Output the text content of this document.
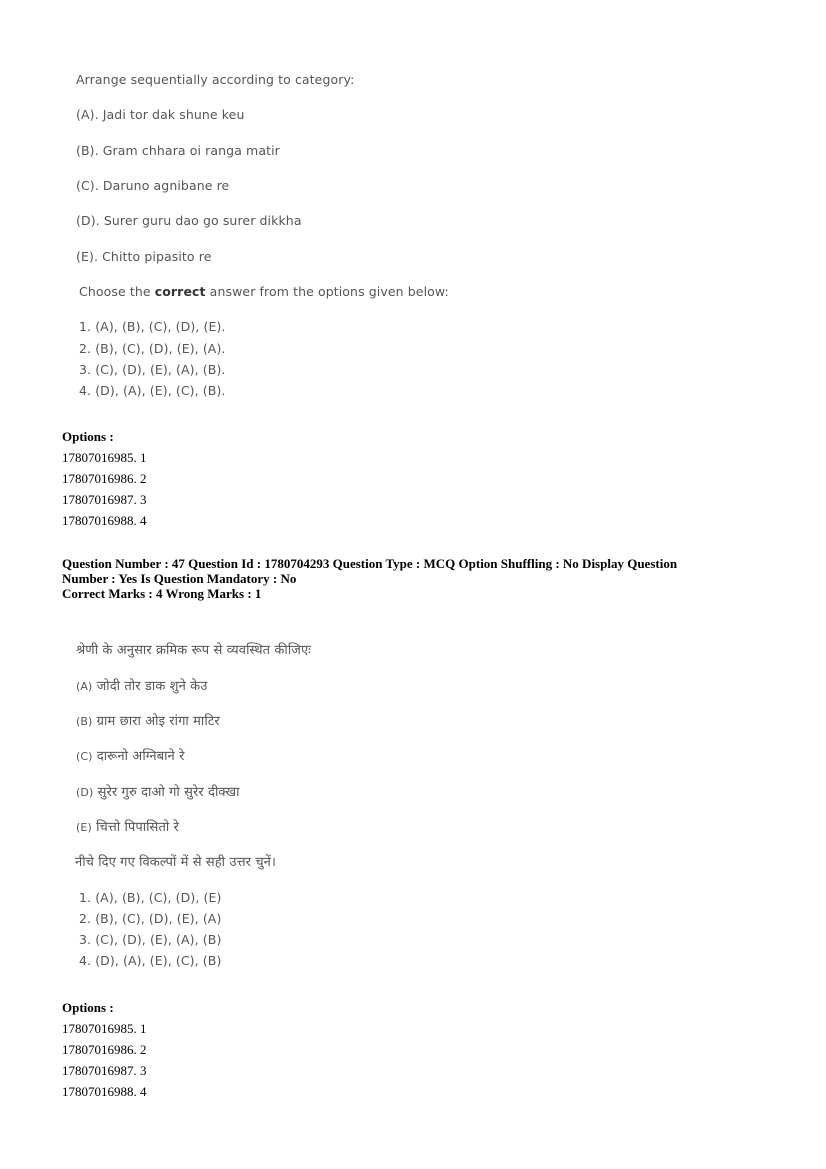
Arrange sequentially according to category:
(A). Jadi tor dak shune keu
(B). Gram chhara oi ranga matir
(C). Daruno agnibane re
(D). Surer guru dao go surer dikkha
(E). Chitto pipasito re
Choose the correct answer from the options given below:
1. (A), (B), (C), (D), (E).
2. (B), (C), (D), (E), (A).
3. (C), (D), (E), (A), (B).
4. (D), (A), (E), (C), (B).
Options :
17807016985. 1
17807016986. 2
17807016987. 3
17807016988. 4
Question Number : 47 Question Id : 1780704293 Question Type : MCQ Option Shuffling : No Display Question
Number : Yes Is Question Mandatory : No
Correct Marks : 4 Wrong Marks : 1
श्रेणी के अनुसार क्रमिक रूप से व्यवस्थित कीजिएः
(A) जोदी तोर डाक शुने केउ
(B) ग्राम छारा ओइ रांगा माटिर
(C) दारूनो अग्निबाने रे
(D) सुरेर गुरु दाओ गो सुरेर दीक्खा
(E) चित्तो पिपासितो रे
नीचे दिए गए विकल्पों में से सही उत्तर चुनें।
1. (A), (B), (C), (D), (E)
2. (B), (C), (D), (E), (A)
3. (C), (D), (E), (A), (B)
4. (D), (A), (E), (C), (B)
Options :
17807016985. 1
17807016986. 2
17807016987. 3
17807016988. 4
